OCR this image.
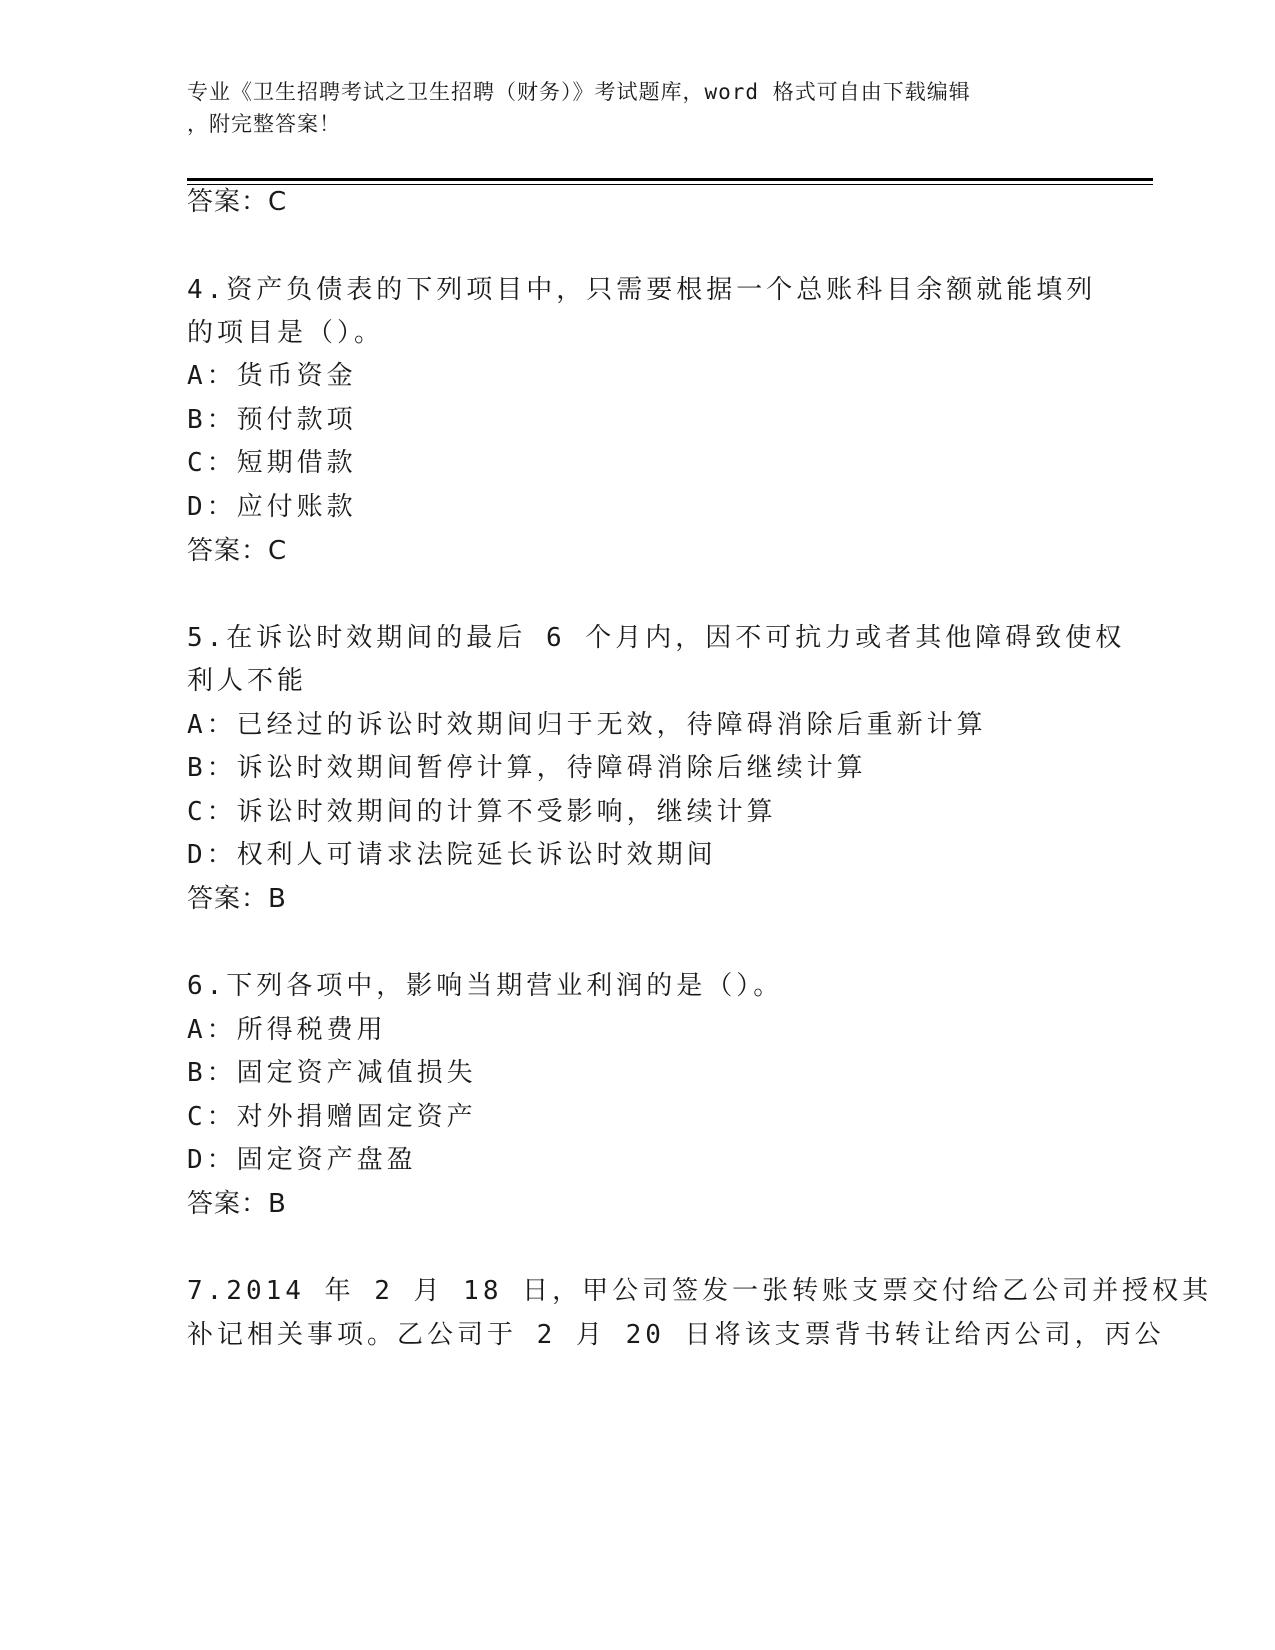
专业《卫生招聘考试之卫生招聘（财务）》考试题库，word 格式可自由下载编辑
，附完整答案！
答案：C
4.资产负债表的下列项目中，只需要根据一个总账科目余额就能填列
的项目是（）。
A：货币资金
B：预付款项
C：短期借款
D：应付账款
答案：C
5.在诉讼时效期间的最后 6 个月内，因不可抗力或者其他障碍致使权
利人不能
A：已经过的诉讼时效期间归于无效，待障碍消除后重新计算
B：诉讼时效期间暂停计算，待障碍消除后继续计算
C：诉讼时效期间的计算不受影响，继续计算
D：权利人可请求法院延长诉讼时效期间
答案：B
6.下列各项中，影响当期营业利润的是（）。
A：所得税费用
B：固定资产减值损失
C：对外捐赠固定资产
D：固定资产盘盈
答案：B
7.2014 年 2 月 18 日，甲公司签发一张转账支票交付给乙公司并授权其
补记相关事项。乙公司于 2 月 20 日将该支票背书转让给丙公司，丙公
